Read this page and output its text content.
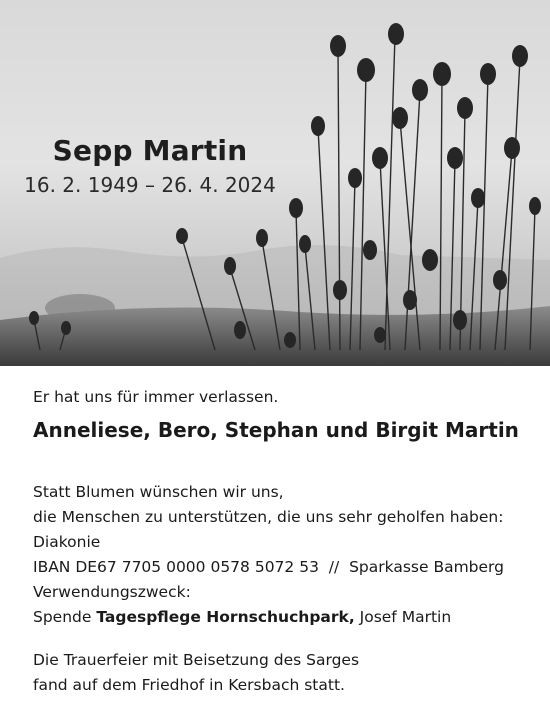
Sepp Martin
16. 2. 1949 – 26. 4. 2024

Er hat uns für immer verlassen.

Anneliese, Bero, Stephan und Birgit Martin

Statt Blumen wünschen wir uns,

die Menschen zu unterstützen, die uns sehr geholfen haben:

Diakonie

IBAN DE67 7705 0000 0578 5072 53  //  Sparkasse Bamberg

Verwendungszweck:

Spende Tagespflege Hornschuchpark, Josef Martin

Die Trauerfeier mit Beisetzung des Sarges

fand auf dem Friedhof in Kersbach statt.
